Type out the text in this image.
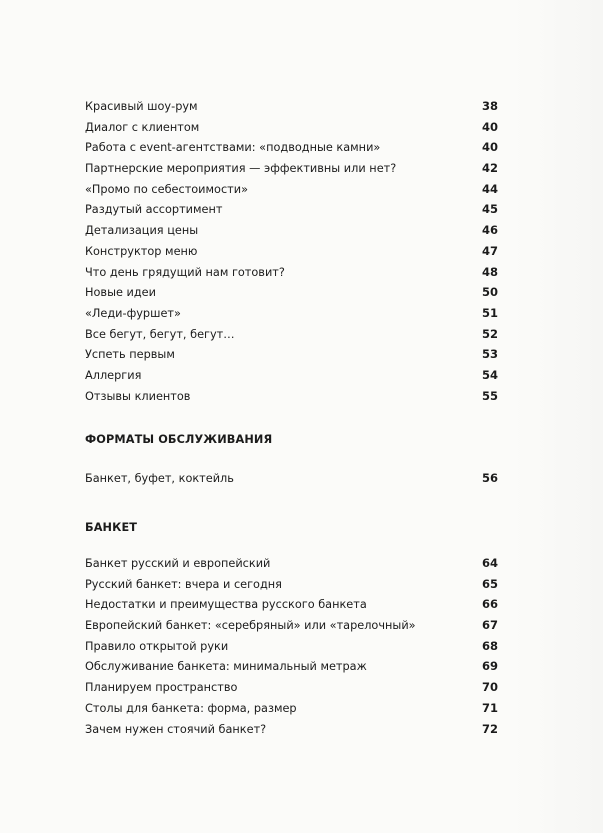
Красивый шоу-рум	38
Диалог с клиентом	40
Работа с event-агентствами: «подводные камни»	40
Партнерские мероприятия — эффективны или нет?	42
«Промо по себестоимости»	44
Раздутый ассортимент	45
Детализация цены	46
Конструктор меню	47
Что день грядущий нам готовит?	48
Новые идеи	50
«Леди-фуршет»	51
Все бегут, бегут, бегут…	52
Успеть первым	53
Аллергия	54
Отзывы клиентов	55
ФОРМАТЫ ОБСЛУЖИВАНИЯ
Банкет, буфет, коктейль	56
БАНКЕТ
Банкет русский и европейский	64
Русский банкет: вчера и сегодня	65
Недостатки и преимущества русского банкета	66
Европейский банкет: «серебряный» или «тарелочный»	67
Правило открытой руки	68
Обслуживание банкета: минимальный метраж	69
Планируем пространство	70
Столы для банкета: форма, размер	71
Зачем нужен стоячий банкет?	72
